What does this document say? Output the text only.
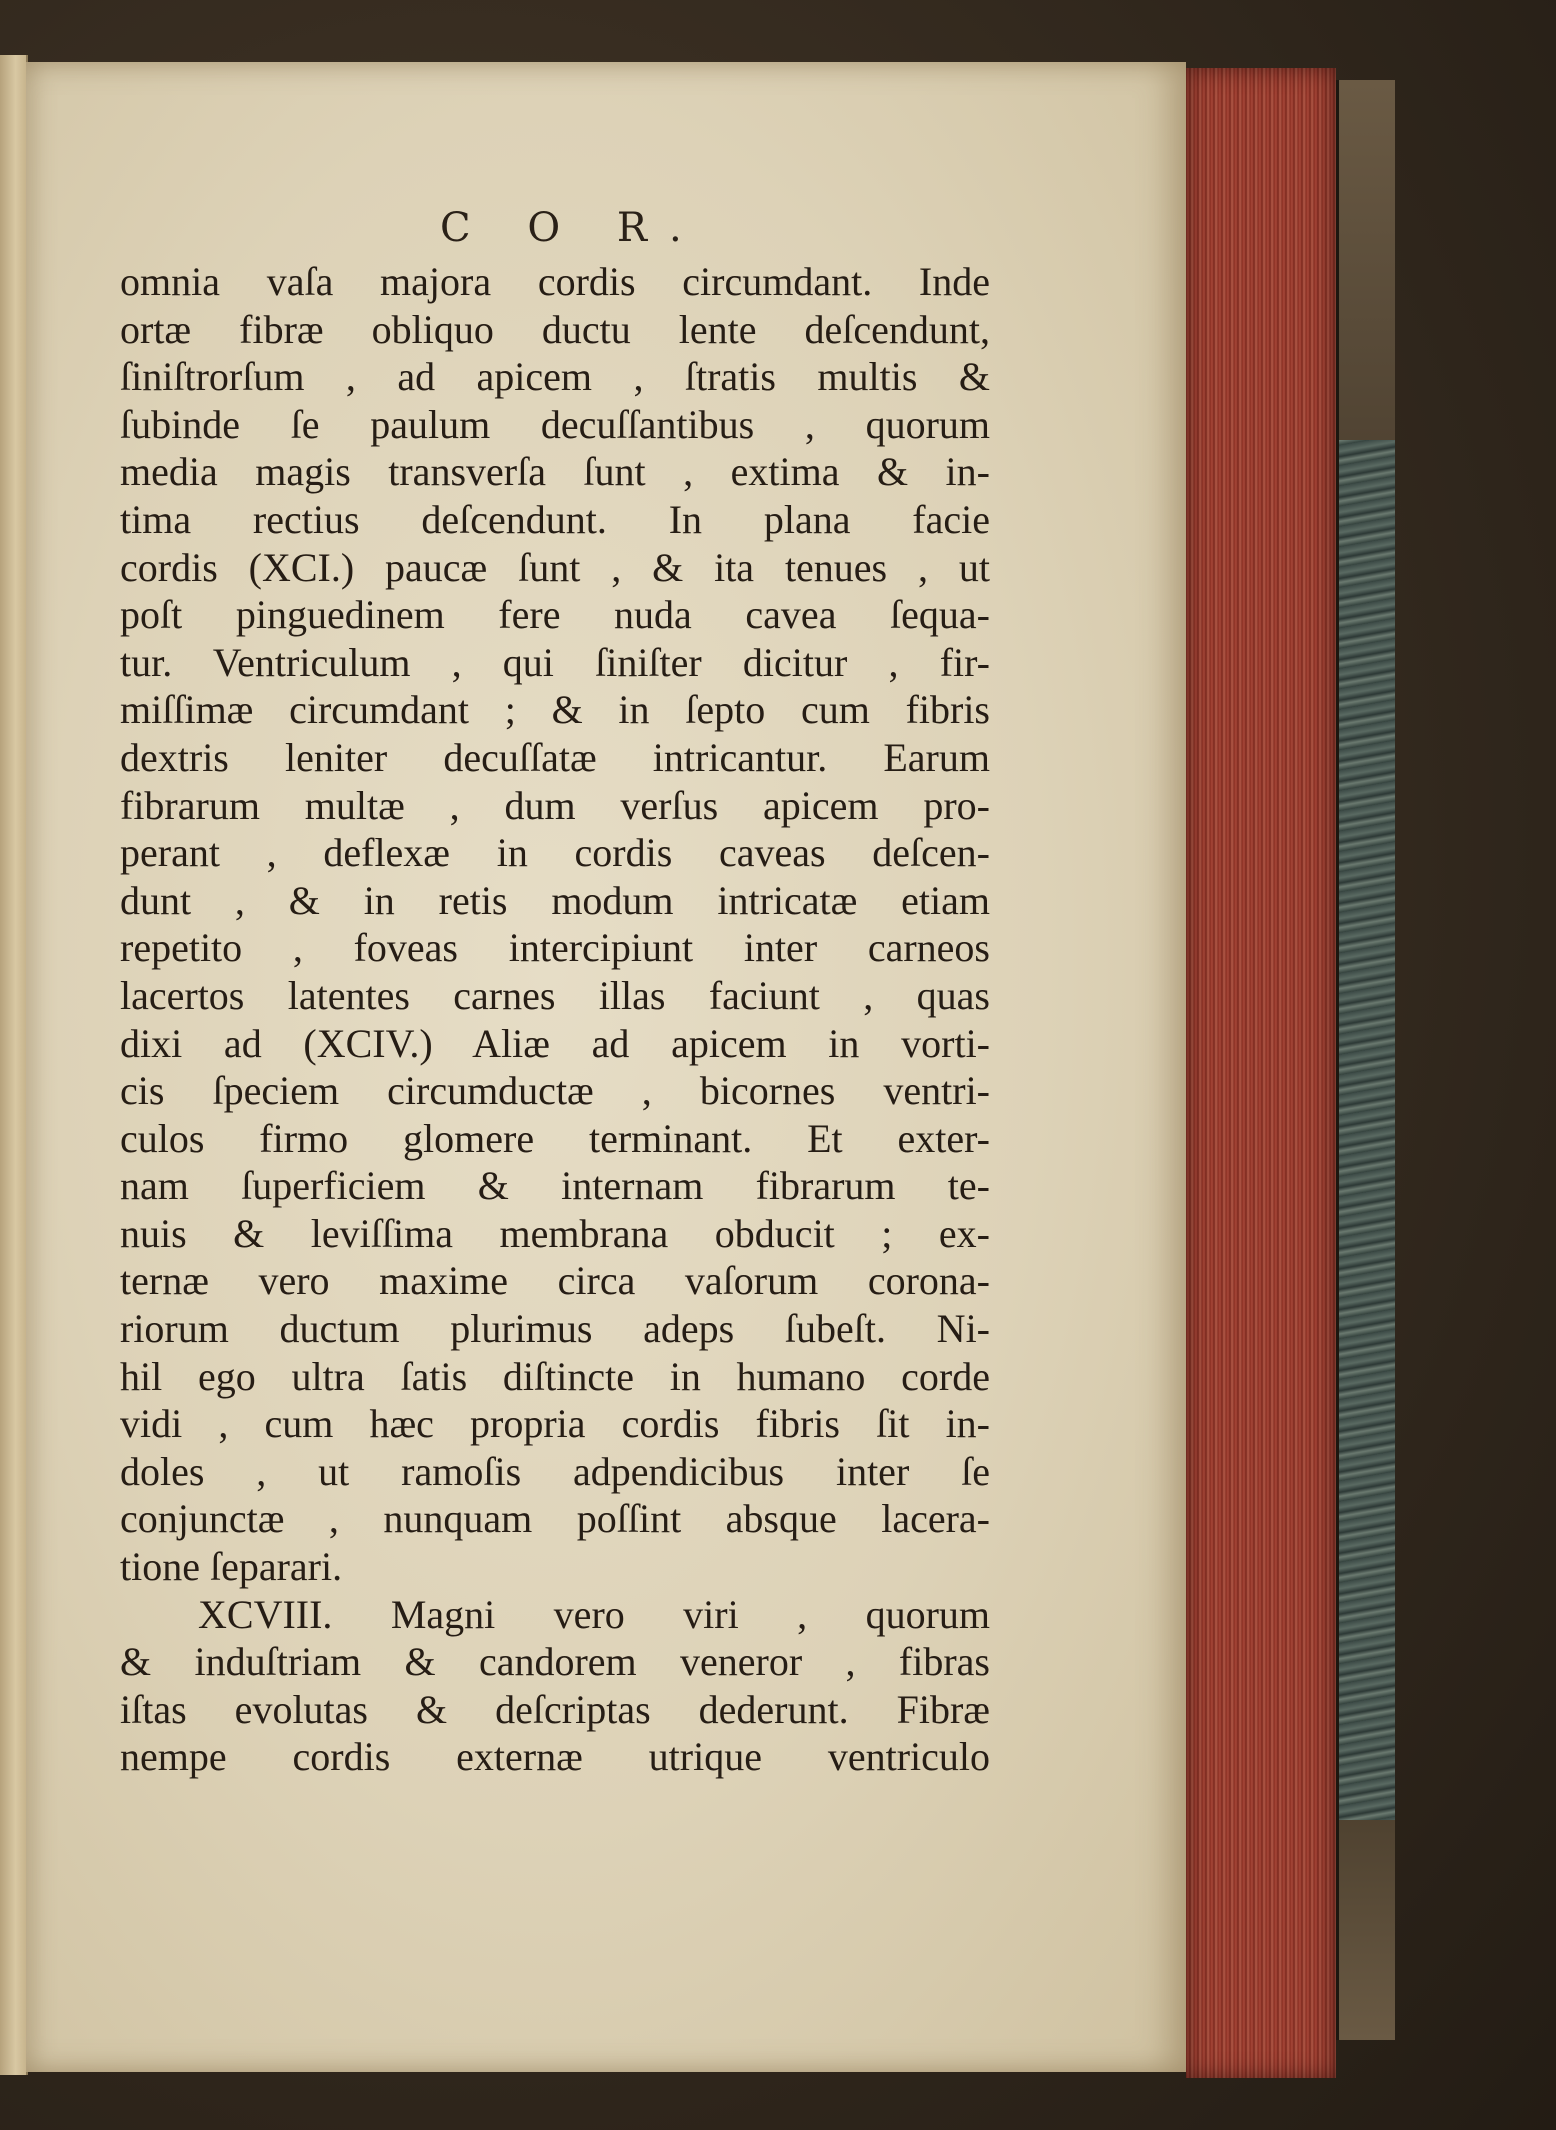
C O R.
omnia vaſa majora cordis circumdant. Inde
ortæ fibræ obliquo ductu lente deſcendunt,
ſiniſtrorſum , ad apicem , ſtratis multis &
ſubinde ſe paulum decuſſantibus , quorum
media magis transverſa ſunt , extima & in-
tima rectius deſcendunt. In plana facie
cordis (XCI.) paucæ ſunt , & ita tenues , ut
poſt pinguedinem fere nuda cavea ſequa-
tur. Ventriculum , qui ſiniſter dicitur , fir-
miſſimæ circumdant ; & in ſepto cum fibris
dextris leniter decuſſatæ intricantur. Earum
fibrarum multæ , dum verſus apicem pro-
perant , deflexæ in cordis caveas deſcen-
dunt , & in retis modum intricatæ etiam
repetito , foveas intercipiunt inter carneos
lacertos latentes carnes illas faciunt , quas
dixi ad (XCIV.) Aliæ ad apicem in vorti-
cis ſpeciem circumductæ , bicornes ventri-
culos firmo glomere terminant. Et exter-
nam ſuperficiem & internam fibrarum te-
nuis & leviſſima membrana obducit ; ex-
ternæ vero maxime circa vaſorum corona-
riorum ductum plurimus adeps ſubeſt. Ni-
hil ego ultra ſatis diſtincte in humano corde
vidi , cum hæc propria cordis fibris ſit in-
doles , ut ramoſis adpendicibus inter ſe
conjunctæ , nunquam poſſint absque lacera-
tione ſeparari.
XCVIII. Magni vero viri , quorum
& induſtriam & candorem veneror , fibras
iſtas evolutas & deſcriptas dederunt. Fibræ
nempe cordis externæ utrique ventriculo
